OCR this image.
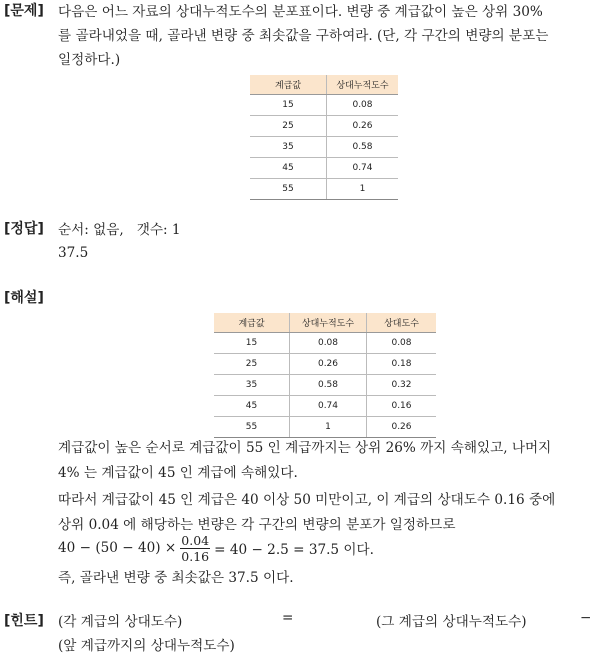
[문제] 다음은 어느 자료의 상대누적도수의 분포표이다. 변량 중 계급값이 높은 상위 30%
를 골라내었을 때, 골라낸 변량 중 최솟값을 구하여라. (단, 각 구간의 변량의 분포는
일정하다.)
계급값	상대누적도수
15	0.08
25	0.26
35	0.58
45	0.74
55	1
[정답] 순서: 없음,   갯수: 1
37.5
[해설]
계급값	상대누적도수	상대도수
15	0.08	0.08
25	0.26	0.18
35	0.58	0.32
45	0.74	0.16
55	1	0.26
계급값이 높은 순서로 계급값이 55 인 계급까지는 상위 26% 까지 속해있고, 나머지
4% 는 계급값이 45 인 계급에 속해있다.
따라서 계급값이 45 인 계급은 40 이상 50 미만이고, 이 계급의 상대도수 0.16 중에
상위 0.04 에 해당하는 변량은 각 구간의 변량의 분포가 일정하므로
$40 - (50 - 40) \times \frac{0.04}{0.16} = 40 - 2.5 = 37.5$ 이다.
즉, 골라낸 변량 중 최솟값은 37.5 이다.
[힌트] (각 계급의 상대도수)	=	(그 계급의 상대누적도수)	−
(앞 계급까지의 상대누적도수)
